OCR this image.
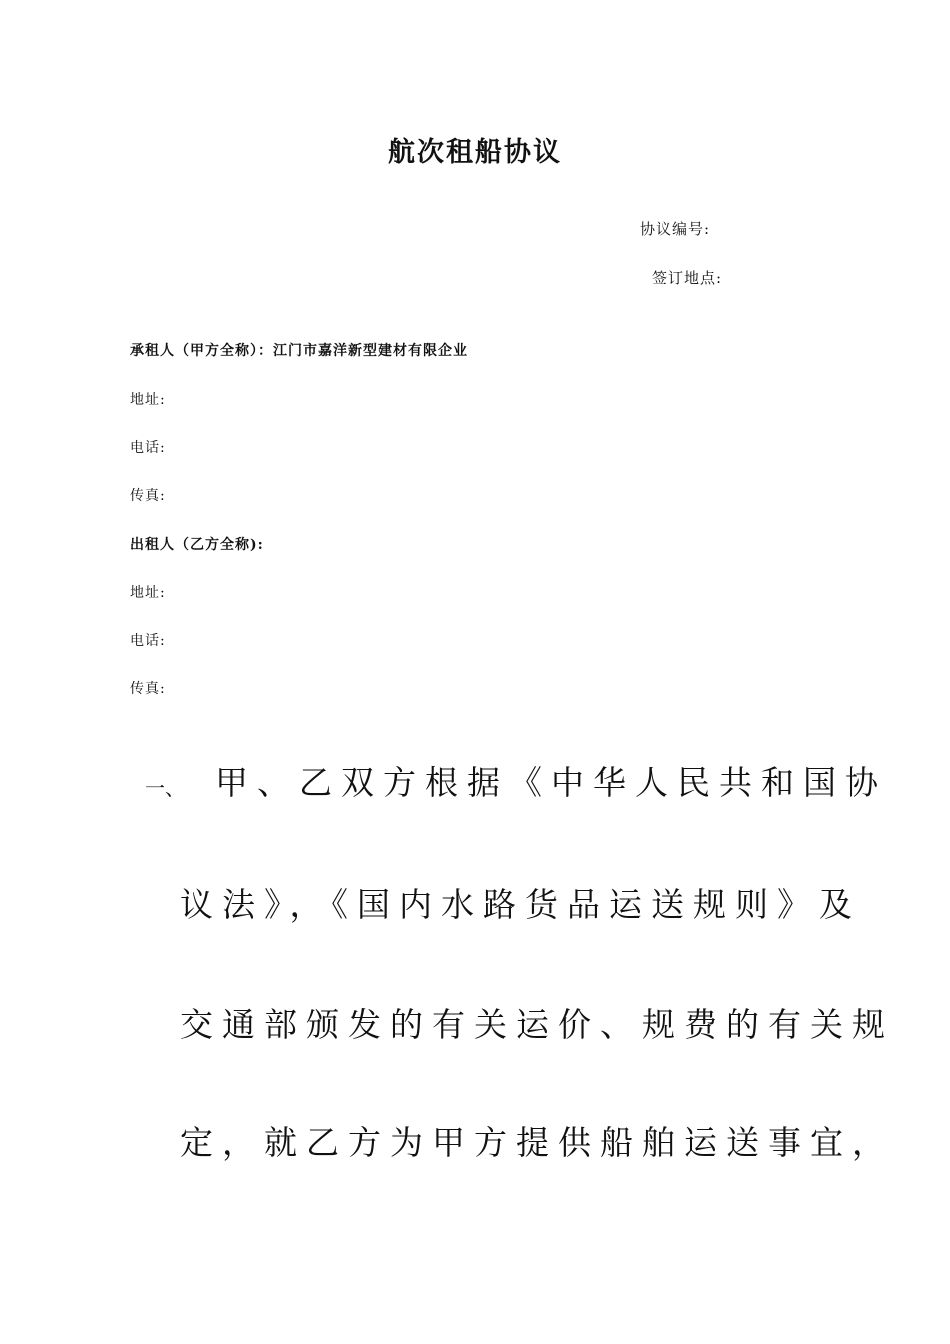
航次租船协议
协议编号:
签订地点:
承租人（甲方全称）：江门市嘉洋新型建材有限企业
地址:
电话:
传真:
出租人（乙方全称):
地址:
电话:
传真:
一、 甲、乙双方根据《中华人民共和国协
议法》，《国内水路货品运送规则》及
交通部颁发的有关运价、规费的有关规
定，就乙方为甲方提供船舶运送事宜，
